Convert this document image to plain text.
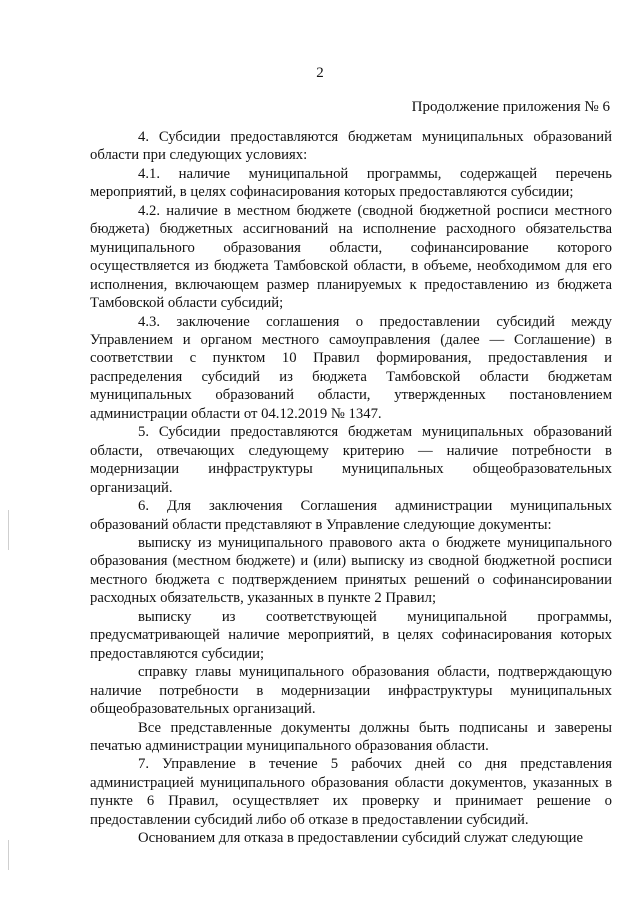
2
Продолжение приложения № 6

4. Субсидии предоставляются бюджетам муниципальных образований области при следующих условиях:

4.1. наличие муниципальной программы, содержащей перечень мероприятий, в целях софинасирования которых предоставляются субсидии;

4.2. наличие в местном бюджете (сводной бюджетной росписи местного бюджета) бюджетных ассигнований на исполнение расходного обязательства муниципального образования области, софинансирование которого осуществляется из бюджета Тамбовской области, в объеме, необходимом для его исполнения, включающем размер планируемых к предоставлению из бюджета Тамбовской области субсидий;

4.3. заключение соглашения о предоставлении субсидий между Управлением и органом местного самоуправления (далее — Соглашение) в соответствии с пунктом 10 Правил формирования, предоставления и распределения субсидий из бюджета Тамбовской области бюджетам муниципальных образований области, утвержденных постановлением администрации области от 04.12.2019 № 1347.

5. Субсидии предоставляются бюджетам муниципальных образований области, отвечающих следующему критерию — наличие потребности в модернизации инфраструктуры муниципальных общеобразовательных организаций.

6. Для заключения Соглашения администрации муниципальных образований области представляют в Управление следующие документы:

выписку из муниципального правового акта о бюджете муниципального образования (местном бюджете) и (или) выписку из сводной бюджетной росписи местного бюджета с подтверждением принятых решений о софинансировании расходных обязательств, указанных в пункте 2 Правил;

выписку из соответствующей муниципальной программы, предусматривающей наличие мероприятий, в целях софинасирования которых предоставляются субсидии;

справку главы муниципального образования области, подтверждающую наличие потребности в модернизации инфраструктуры муниципальных общеобразовательных организаций.

Все представленные документы должны быть подписаны и заверены печатью администрации муниципального образования области.

7. Управление в течение 5 рабочих дней со дня представления администрацией муниципального образования области документов, указанных в пункте 6 Правил, осуществляет их проверку и принимает решение о предоставлении субсидий либо об отказе в предоставлении субсидий.

Основанием для отказа в предоставлении субсидий служат следующие
